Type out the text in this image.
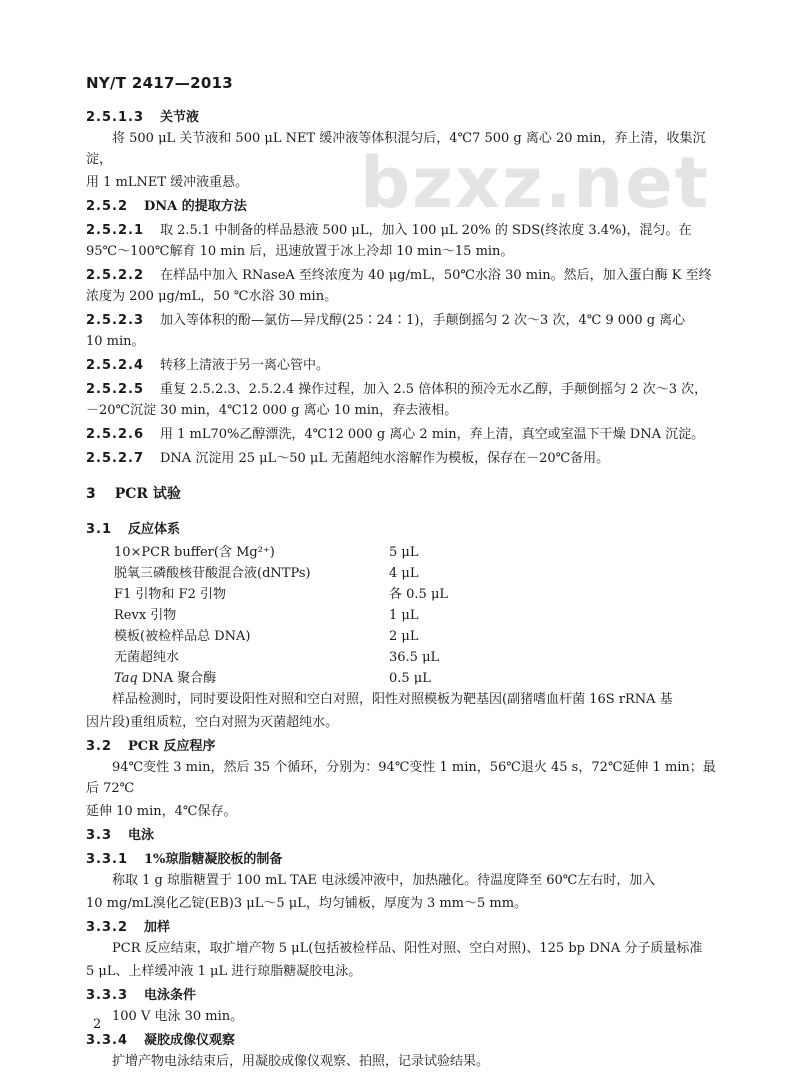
NY/T 2417—2013
bzxz.net
2.5.1.3 关节液
将 500 μL 关节液和 500 μL NET 缓冲液等体积混匀后，4℃7 500 g 离心 20 min，弃上清，收集沉淀，
用 1 mLNET 缓冲液重悬。
2.5.2 DNA 的提取方法
2.5.2.1 取 2.5.1 中制备的样品悬液 500 μL，加入 100 μL 20% 的 SDS(终浓度 3.4%)，混匀。在
95℃～100℃解育 10 min 后，迅速放置于冰上冷却 10 min～15 min。
2.5.2.2 在样品中加入 RNaseA 至终浓度为 40 μg/mL，50℃水浴 30 min。然后，加入蛋白酶 K 至终
浓度为 200 μg/mL，50 ℃水浴 30 min。
2.5.2.3 加入等体积的酚—氯仿—异戊醇(25∶24∶1)，手颠倒摇匀 2 次～3 次，4℃ 9 000 g 离心
10 min。
2.5.2.4 转移上清液于另一离心管中。
2.5.2.5 重复 2.5.2.3、2.5.2.4 操作过程，加入 2.5 倍体积的预冷无水乙醇，手颠倒摇匀 2 次～3 次，
－20℃沉淀 30 min，4℃12 000 g 离心 10 min，弃去液相。
2.5.2.6 用 1 mL70%乙醇漂洗，4℃12 000 g 离心 2 min，弃上清，真空或室温下干燥 DNA 沉淀。
2.5.2.7 DNA 沉淀用 25 μL～50 μL 无菌超纯水溶解作为模板，保存在－20℃备用。
3 PCR 试验
3.1 反应体系
10×PCR buffer(含 Mg²⁺)	5 μL
脱氧三磷酸核苷酸混合液(dNTPs)	4 μL
F1 引物和 F2 引物	各 0.5 μL
Revx 引物	1 μL
模板(被检样品总 DNA)	2 μL
无菌超纯水	36.5 μL
Taq DNA 聚合酶	0.5 μL
样品检测时，同时要设阳性对照和空白对照，阳性对照模板为靶基因(副猪嗜血杆菌 16S rRNA 基
因片段)重组质粒，空白对照为灭菌超纯水。
3.2 PCR 反应程序
94℃变性 3 min，然后 35 个循环，分别为：94℃变性 1 min，56℃退火 45 s，72℃延伸 1 min；最后 72℃
延伸 10 min，4℃保存。
3.3 电泳
3.3.1 1%琼脂糖凝胶板的制备
称取 1 g 琼脂糖置于 100 mL TAE 电泳缓冲液中，加热融化。待温度降至 60℃左右时，加入
10 mg/mL溴化乙锭(EB)3 μL～5 μL，均匀铺板，厚度为 3 mm～5 mm。
3.3.2 加样
PCR 反应结束，取扩增产物 5 μL(包括被检样品、阳性对照、空白对照)、125 bp DNA 分子质量标准
5 μL、上样缓冲液 1 μL 进行琼脂糖凝胶电泳。
3.3.3 电泳条件
100 V 电泳 30 min。
3.3.4 凝胶成像仪观察
扩增产物电泳结束后，用凝胶成像仪观察、拍照，记录试验结果。
2
